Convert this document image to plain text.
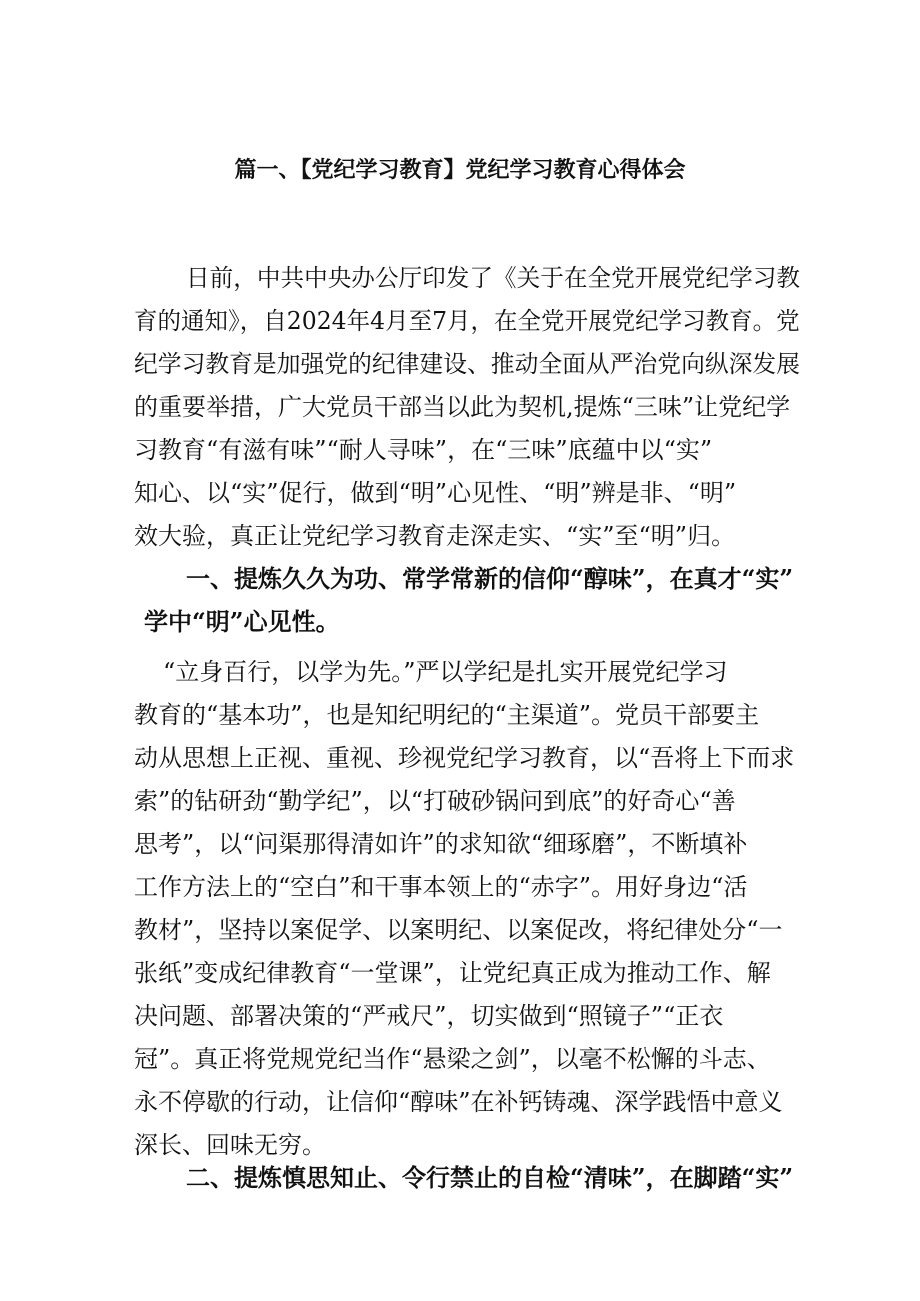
篇一、【党纪学习教育】党纪学习教育心得体会
日前，中共中央办公厅印发了《关于在全党开展党纪学习教
育的通知》，自2024年4月至7月，在全党开展党纪学习教育。党
纪学习教育是加强党的纪律建设、推动全面从严治党向纵深发展
的重要举措，广大党员干部当以此为契机,提炼“三味”让党纪学
习教育“有滋有味”“耐人寻味”，在“三味”底蕴中以“实”
知心、以“实”促行，做到“明”心见性、“明”辨是非、“明”
效大验，真正让党纪学习教育走深走实、“实”至“明”归。
一、提炼久久为功、常学常新的信仰“醇味”，在真才“实”
学中“明”心见性。
“立身百行，以学为先。”严以学纪是扎实开展党纪学习
教育的“基本功”，也是知纪明纪的“主渠道”。党员干部要主
动从思想上正视、重视、珍视党纪学习教育，以“吾将上下而求
索”的钻研劲“勤学纪”，以“打破砂锅问到底”的好奇心“善
思考”，以“问渠那得清如许”的求知欲“细琢磨”，不断填补
工作方法上的“空白”和干事本领上的“赤字”。用好身边“活
教材”，坚持以案促学、以案明纪、以案促改，将纪律处分“一
张纸”变成纪律教育“一堂课”，让党纪真正成为推动工作、解
决问题、部署决策的“严戒尺”，切实做到“照镜子”“正衣
冠”。真正将党规党纪当作“悬梁之剑”，以毫不松懈的斗志、
永不停歇的行动，让信仰“醇味”在补钙铸魂、深学践悟中意义
深长、回味无穷。
二、提炼慎思知止、令行禁止的自检“清味”，在脚踏“实”
